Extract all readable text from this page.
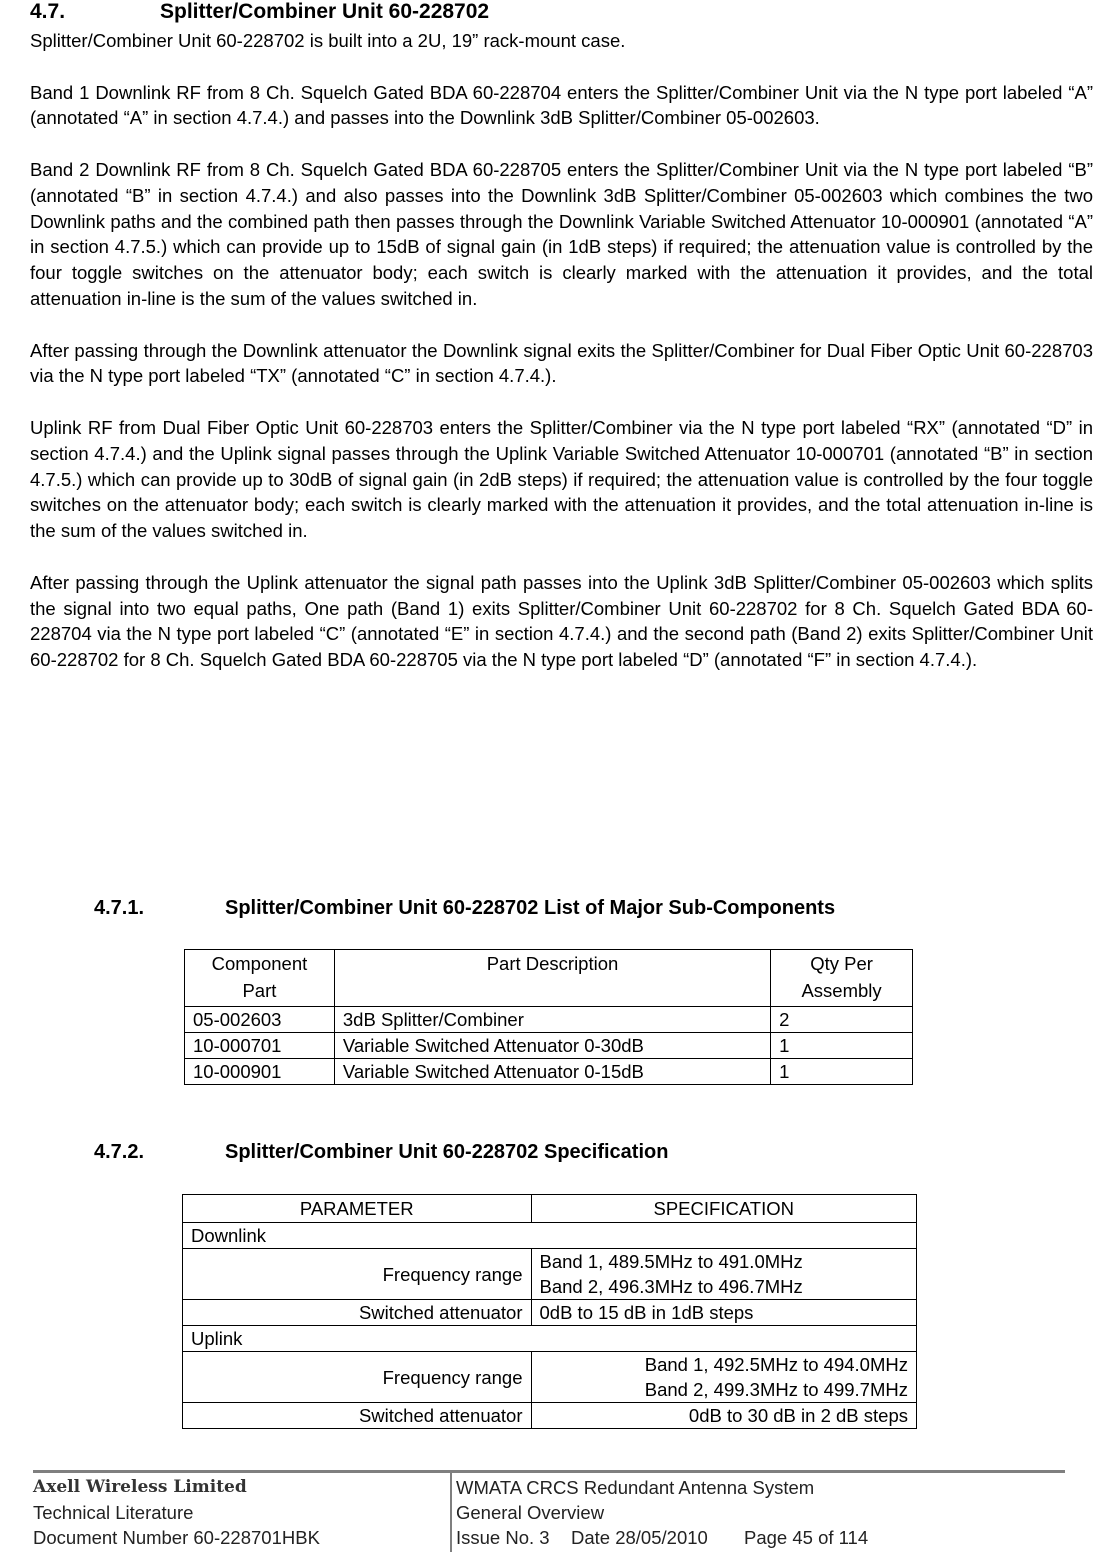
4.7.	Splitter/Combiner Unit 60-228702

Splitter/Combiner Unit 60-228702 is built into a 2U, 19” rack-mount case.

Band 1 Downlink RF from 8 Ch. Squelch Gated BDA 60-228704 enters the Splitter/Combiner Unit via the N type port labeled “A” (annotated “A” in section 4.7.4.) and passes into the Downlink 3dB Splitter/Combiner 05-002603.

Band 2 Downlink RF from 8 Ch. Squelch Gated BDA 60-228705 enters the Splitter/Combiner Unit via the N type port labeled “B” (annotated “B” in section 4.7.4.) and also passes into the Downlink 3dB Splitter/Combiner 05-002603 which combines the two Downlink paths and the combined path then passes through the Downlink Variable Switched Attenuator 10-000901 (annotated “A” in section 4.7.5.) which can provide up to 15dB of signal gain (in 1dB steps) if required; the attenuation value is controlled by the four toggle switches on the attenuator body; each switch is clearly marked with the attenuation it provides, and the total attenuation in-line is the sum of the values switched in.

After passing through the Downlink attenuator the Downlink signal exits the Splitter/Combiner for Dual Fiber Optic Unit 60-228703 via the N type port labeled “TX” (annotated “C” in section 4.7.4.).

Uplink RF from Dual Fiber Optic Unit 60-228703 enters the Splitter/Combiner via the N type port labeled “RX” (annotated “D” in section 4.7.4.) and the Uplink signal passes through the Uplink Variable Switched Attenuator 10-000701 (annotated “B” in section 4.7.5.) which can provide up to 30dB of signal gain (in 2dB steps) if required; the attenuation value is controlled by the four toggle switches on the attenuator body; each switch is clearly marked with the attenuation it provides, and the total attenuation in-line is the sum of the values switched in.

After passing through the Uplink attenuator the signal path passes into the Uplink 3dB Splitter/Combiner 05-002603 which splits the signal into two equal paths, One path (Band 1) exits Splitter/Combiner Unit 60-228702 for 8 Ch. Squelch Gated BDA 60-228704 via the N type port labeled “C” (annotated “E” in section 4.7.4.) and the second path (Band 2) exits Splitter/Combiner Unit 60-228702 for 8 Ch. Squelch Gated BDA 60-228705 via the N type port labeled “D” (annotated “F” in section 4.7.4.).

4.7.1.	Splitter/Combiner Unit 60-228702 List of Major Sub-Components
Component Part	Part Description	Qty Per Assembly
05-002603	3dB Splitter/Combiner	2
10-000701	Variable Switched Attenuator 0-30dB	1
10-000901	Variable Switched Attenuator 0-15dB	1
4.7.2.	Splitter/Combiner Unit 60-228702 Specification
PARAMETER	SPECIFICATION
Downlink	
Frequency range	Band 1, 489.5MHz to 491.0MHz
Band 2, 496.3MHz to 496.7MHz

Switched attenuator	0dB to 15 dB in 1dB steps
Uplink	
Frequency range	Band 1, 492.5MHz to 494.0MHz
Band 2, 499.3MHz to 499.7MHz

Switched attenuator	0dB to 30 dB in 2 dB steps
Axell Wireless Limited
Technical Literature
Document Number 60-228701HBK
WMATA CRCS Redundant Antenna System
General Overview
Issue No. 3 Date 28/05/2010 Page 45 of 114
